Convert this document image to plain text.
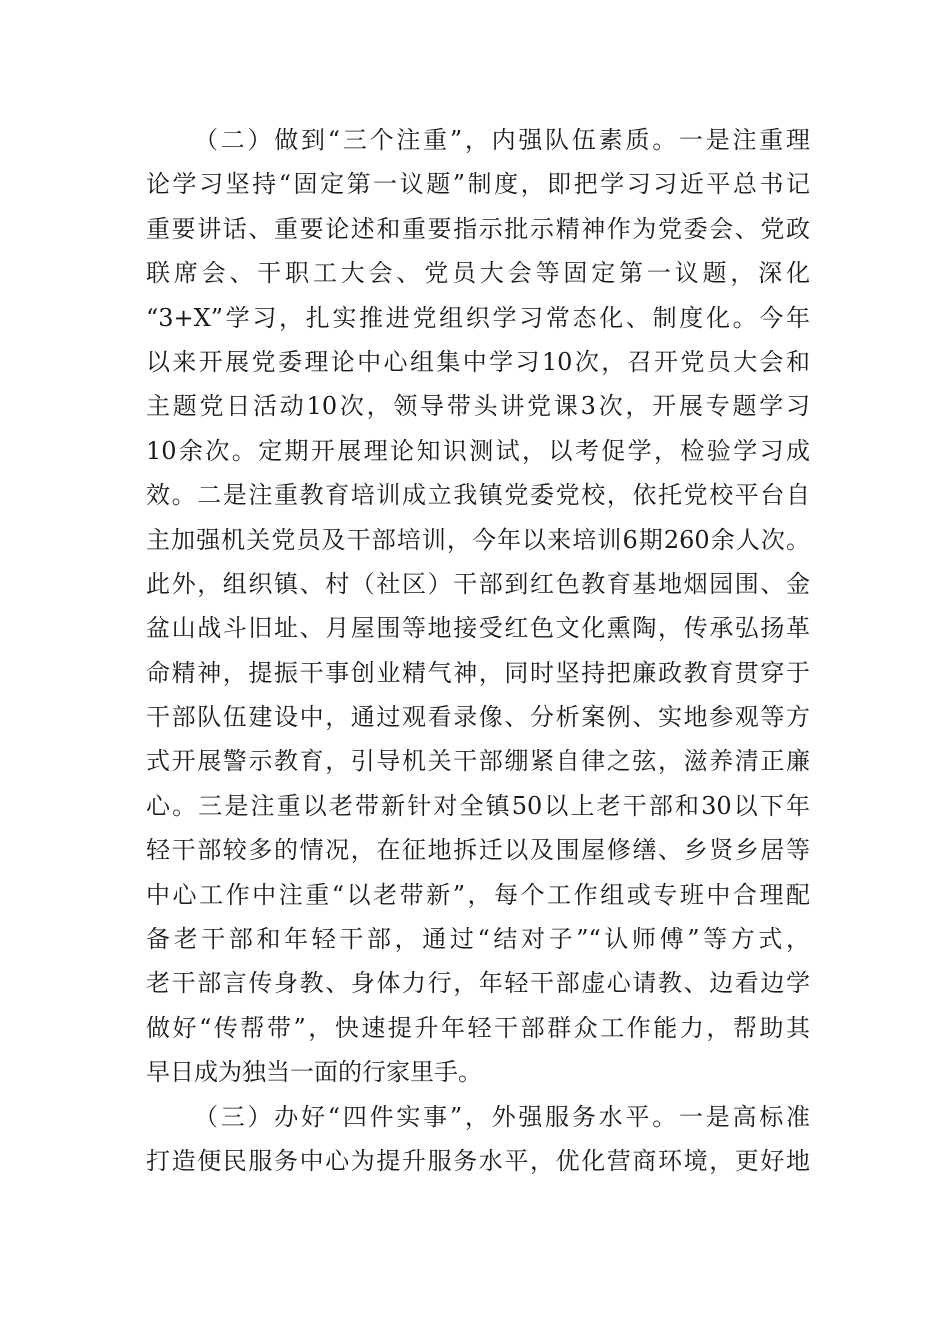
（二）做到“三个注重”，内强队伍素质。一是注重理
论学习坚持“固定第一议题”制度，即把学习习近平总书记
重要讲话、重要论述和重要指示批示精神作为党委会、党政
联席会、干职工大会、党员大会等固定第一议题，深化
“3+X”学习，扎实推进党组织学习常态化、制度化。今年
以来开展党委理论中心组集中学习10次，召开党员大会和
主题党日活动10次，领导带头讲党课3次，开展专题学习
10余次。定期开展理论知识测试，以考促学，检验学习成
效。二是注重教育培训成立我镇党委党校，依托党校平台自
主加强机关党员及干部培训，今年以来培训6期260余人次。
此外，组织镇、村（社区）干部到红色教育基地烟园围、金
盆山战斗旧址、月屋围等地接受红色文化熏陶，传承弘扬革
命精神，提振干事创业精气神，同时坚持把廉政教育贯穿于
干部队伍建设中，通过观看录像、分析案例、实地参观等方
式开展警示教育，引导机关干部绷紧自律之弦，滋养清正廉
心。三是注重以老带新针对全镇50以上老干部和30以下年
轻干部较多的情况，在征地拆迁以及围屋修缮、乡贤乡居等
中心工作中注重“以老带新”，每个工作组或专班中合理配
备老干部和年轻干部，通过“结对子”“认师傅”等方式，
老干部言传身教、身体力行，年轻干部虚心请教、边看边学
做好“传帮带”，快速提升年轻干部群众工作能力，帮助其
早日成为独当一面的行家里手。
（三）办好“四件实事”，外强服务水平。一是高标准
打造便民服务中心为提升服务水平，优化营商环境，更好地
